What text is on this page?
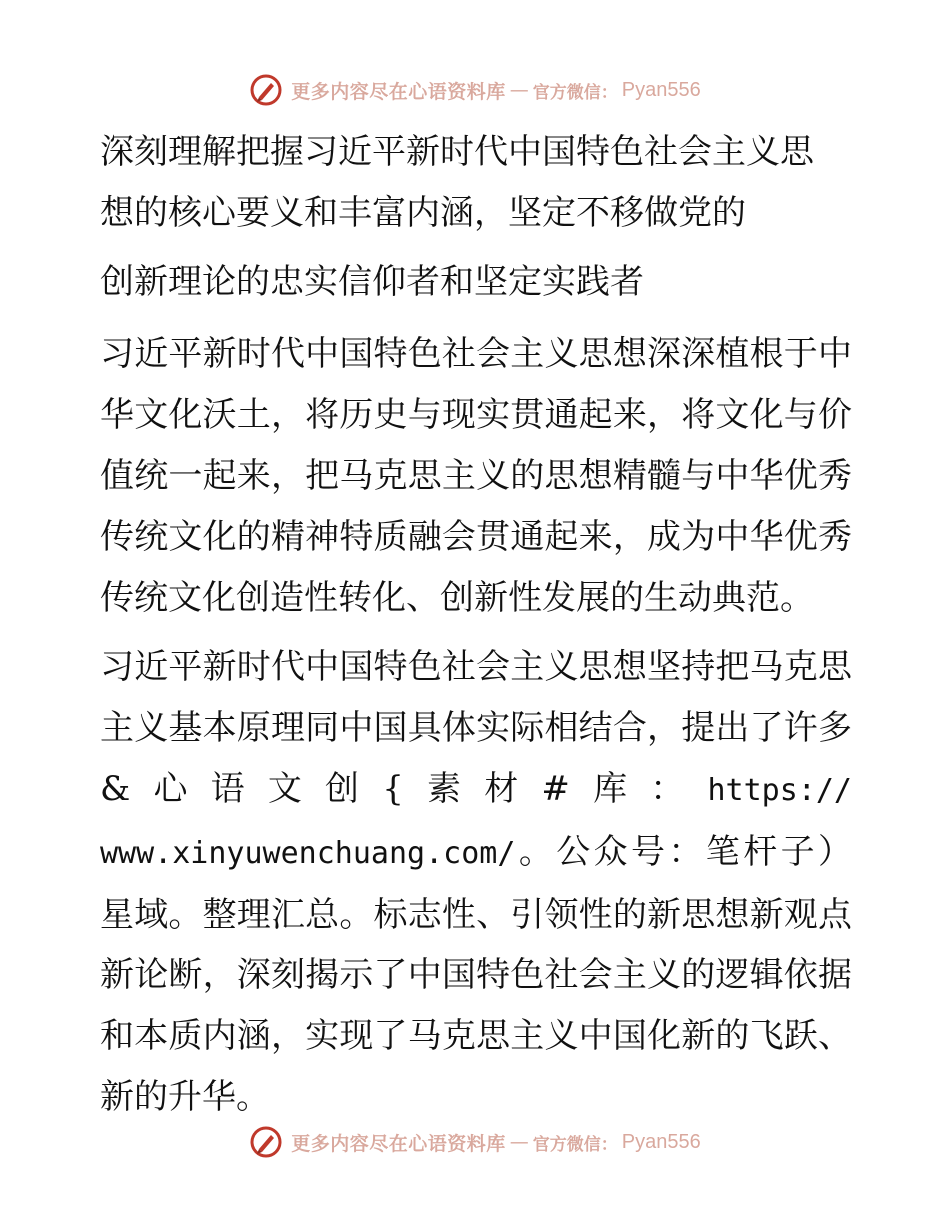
更多内容尽在心语资料库 — 官方微信： Pyan556
深刻理解把握习近平新时代中国特色社会主义思
想的核心要义和丰富内涵，坚定不移做党的
创新理论的忠实信仰者和坚定实践者

习近平新时代中国特色社会主义思想深深植根于中华文化沃土，将历史与现实贯通起来，将文化与价值统一起来，把马克思主义的思想精髓与中华优秀传统文化的精神特质融会贯通起来，成为中华优秀传统文化创造性转化、创新性发展的生动典范。

习近平新时代中国特色社会主义思想坚持把马克思主义基本原理同中国具体实际相结合，提出了许多&心语文创{素材#库：https:// www.xinyuwenchuang.com/。公众号：笔杆子）星域。整理汇总。标志性、引领性的新思想新观点新论断，深刻揭示了中国特色社会主义的逻辑依据和本质内涵，实现了马克思主义中国化新的飞跃、新的升华。

更多内容尽在心语资料库 — 官方微信： Pyan556
